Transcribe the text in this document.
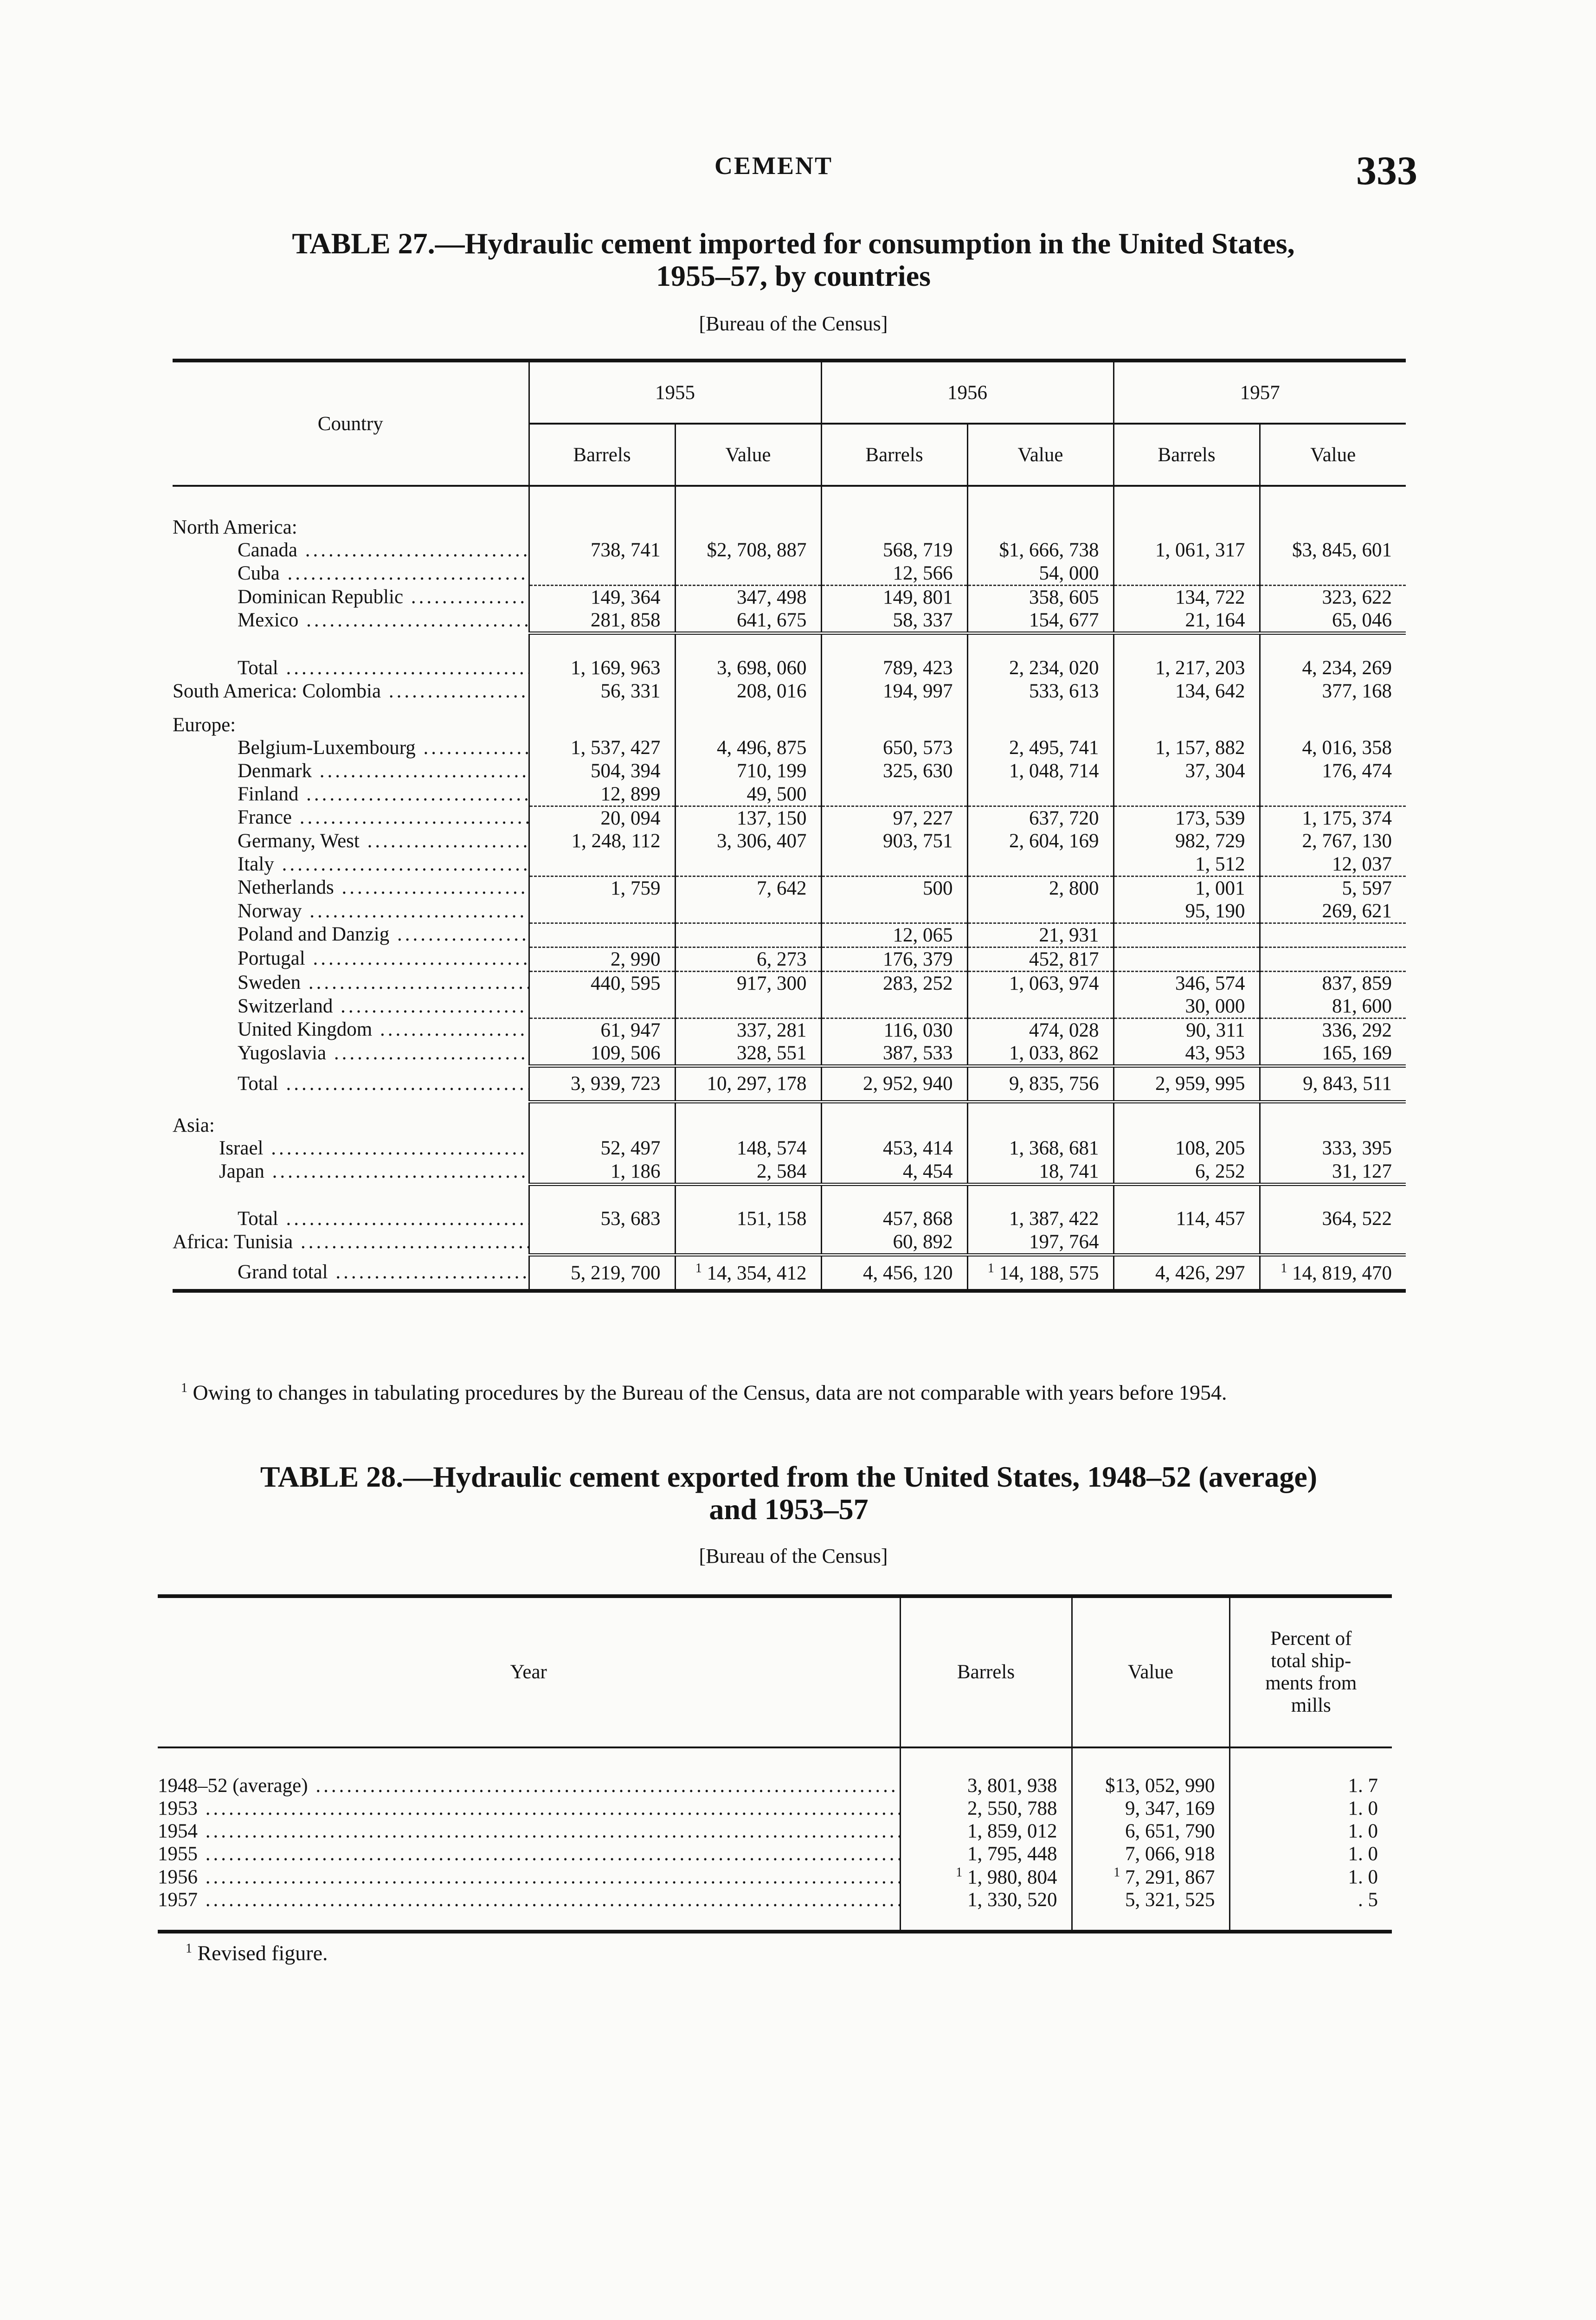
CEMENT	333
TABLE 27.—Hydraulic cement imported for consumption in the United States,
1955–57, by countries
[Bureau of the Census]
Country	1955		1956		1957	
	Barrels	Value	Barrels	Value	Barrels	Value
North America:						
Canada .....	738, 741	$2, 708, 887	568, 719	$1, 666, 738	1, 061, 317	$3, 845, 601
Cuba .....			12, 566	54, 000		
Dominican Republic .....	149, 364	347, 498	149, 801	358, 605	134, 722	323, 622
Mexico .....	281, 858	641, 675	58, 337	154, 677	21, 164	65, 046

Total .....	1, 169, 963	3, 698, 060	789, 423	2, 234, 020	1, 217, 203	4, 234, 269
South America: Colombia .....	56, 331	208, 016	194, 997	533, 613	134, 642	377, 168
Europe:						
Belgium-Luxembourg .....	1, 537, 427	4, 496, 875	650, 573	2, 495, 741	1, 157, 882	4, 016, 358
Denmark .....	504, 394	710, 199	325, 630	1, 048, 714	37, 304	176, 474
Finland .....	12, 899	49, 500				
France .....	20, 094	137, 150	97, 227	637, 720	173, 539	1, 175, 374
Germany, West .....	1, 248, 112	3, 306, 407	903, 751	2, 604, 169	982, 729	2, 767, 130
Italy .....					1, 512	12, 037
Netherlands .....	1, 759	7, 642	500	2, 800	1, 001	5, 597
Norway .....					95, 190	269, 621
Poland and Danzig .....			12, 065	21, 931		
Portugal .....	2, 990	6, 273	176, 379	452, 817		
Sweden .....	440, 595	917, 300	283, 252	1, 063, 974	346, 574	837, 859
Switzerland .....					30, 000	81, 600
United Kingdom .....	61, 947	337, 281	116, 030	474, 028	90, 311	336, 292
Yugoslavia .....	109, 506	328, 551	387, 533	1, 033, 862	43, 953	165, 169
Total .....	3, 939, 723	10, 297, 178	2, 952, 940	9, 835, 756	2, 959, 995	9, 843, 511
Asia:						
Israel .....	52, 497	148, 574	453, 414	1, 368, 681	108, 205	333, 395
Japan .....	1, 186	2, 584	4, 454	18, 741	6, 252	31, 127

Total .....	53, 683	151, 158	457, 868	1, 387, 422	114, 457	364, 522
Africa: Tunisia .....			60, 892	197, 764		
Grand total .....	5, 219, 700	$^1$ 14, 354, 412	4, 456, 120	$^1$ 14, 188, 575	4, 426, 297	$^1$ 14, 819, 470
$^1$ Owing to changes in tabulating procedures by the Bureau of the Census, data are not comparable with years before 1954.
TABLE 28.—Hydraulic cement exported from the United States, 1948–52 (average)
and 1953–57
[Bureau of the Census]
Year	Barrels	Value	Percent of
total ship-
ments from
mills

1948–52 (average) .....	3, 801, 938	$13, 052, 990	1. 7
1953 .....	2, 550, 788	9, 347, 169	1. 0
1954 .....	1, 859, 012	6, 651, 790	1. 0
1955 .....	1, 795, 448	7, 066, 918	1. 0
1956 .....	$^1$ 1, 980, 804	$^1$ 7, 291, 867	1. 0
1957 .....	1, 330, 520	5, 321, 525	. 5
$^1$ Revised figure.
